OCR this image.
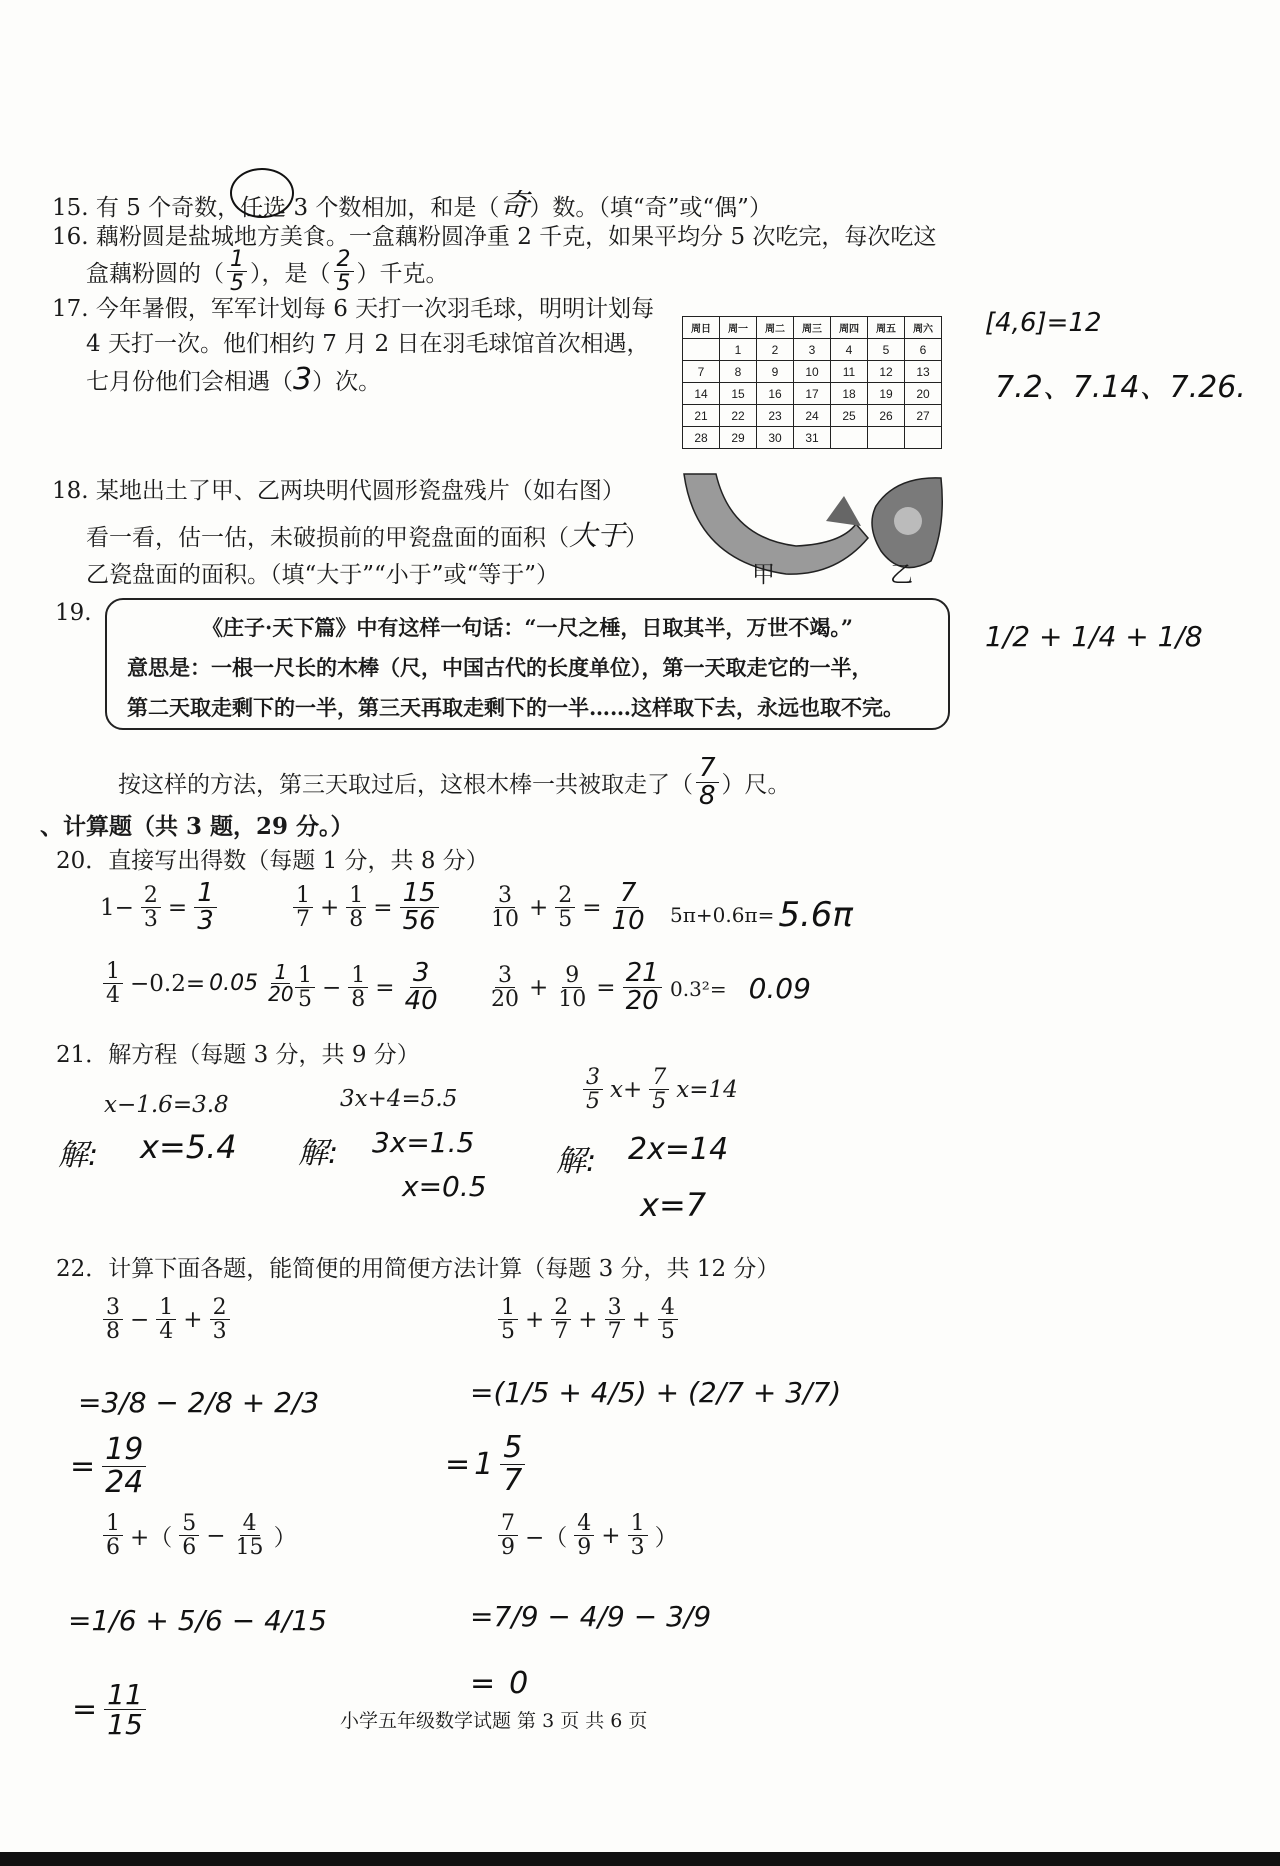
15. 有 5 个奇数，任选 3 个数相加，和是（奇）数。（填“奇”或“偶”）
16. 藕粉圆是盐城地方美食。一盒藕粉圆净重 2 千克，如果平均分 5 次吃完，每次吃这
盒藕粉圆的（ $\frac{1}{5}$ ），是（ $\frac{2}{5}$ ）千克。
17. 今年暑假，军军计划每 6 天打一次羽毛球，明明计划每
4 天打一次。他们相约 7 月 2 日在羽毛球馆首次相遇，
七月份他们会相遇（3）次。
周日	周一	周二	周三	周四	周五	周六
	1	2	3	4	5	6
7	8	9	10	11	12	13
14	15	16	17	18	19	20
21	22	23	24	25	26	27
28	29	30	31			
[4,6]=12
7.2、7.14、7.26.
18. 某地出土了甲、乙两块明代圆形瓷盘残片（如右图）
看一看，估一估，未破损前的甲瓷盘面的面积（大于）
乙瓷盘面的面积。（填“大于”“小于”或“等于”）	甲	乙
19.
《庄子·天下篇》中有这样一句话：“一尺之棰，日取其半，万世不竭。”
意思是：一根一尺长的木棒（尺，中国古代的长度单位），第一天取走它的一半，
第二天取走剩下的一半，第三天再取走剩下的一半……这样取下去，永远也取不完。
1/2 + 1/4 + 1/8
按这样的方法，第三天取过后，这根木棒一共被取走了（ $\frac{7}{8}$ ）尺。
、计算题（共 3 题，29 分。）
20．直接写出得数（每题 1 分，共 8 分）
$1- \frac{2}{3} = \frac{1}{3}$	$\frac{1}{7} + \frac{1}{8} = \frac{15}{56} \frac{3}{10} + \frac{2}{5} = \frac{7}{10} 5\pi+0.6\pi= 5.6\pi$
$\frac{1}{4} -0.2= 0.05 \frac{1}{20}$
$\frac{1}{5} - \frac{1}{8} = \frac{3}{40} \frac{3}{20} + \frac{9}{10} = \frac{21}{20} 0.3^2= 0.09$
21．解方程（每题 3 分，共 9 分）
x−1.6=3.8	3x+4=5.5	$\frac{3}{5} x+ \frac{7}{5} x=14$
解: x=5.4 解: 3x=1.5
x=0.5
解: 2x=14
x=7
22．计算下面各题，能简便的用简便方法计算（每题 3 分，共 12 分）
$\frac{3}{8} - \frac{1}{4} + \frac{2}{3}$
=3/8 − 2/8 + 2/3
= $\frac{19}{24}$
$\frac{1}{5} + \frac{2}{7} + \frac{3}{7} + \frac{4}{5}$
=(1/5 + 4/5) + (2/7 + 3/7)
= $1 \frac{5}{7}$
$\frac{1}{6}$ +（ $\frac{5}{6} - \frac{4}{15}$ ）
=1/6 + 5/6 − 4/15
= $\frac{11}{15}$
$\frac{7}{9}$ −（ $\frac{4}{9} + \frac{1}{3}$ ）
=7/9 − 4/9 − 3/9
= 0
小学五年级数学试题 第 3 页 共 6 页
